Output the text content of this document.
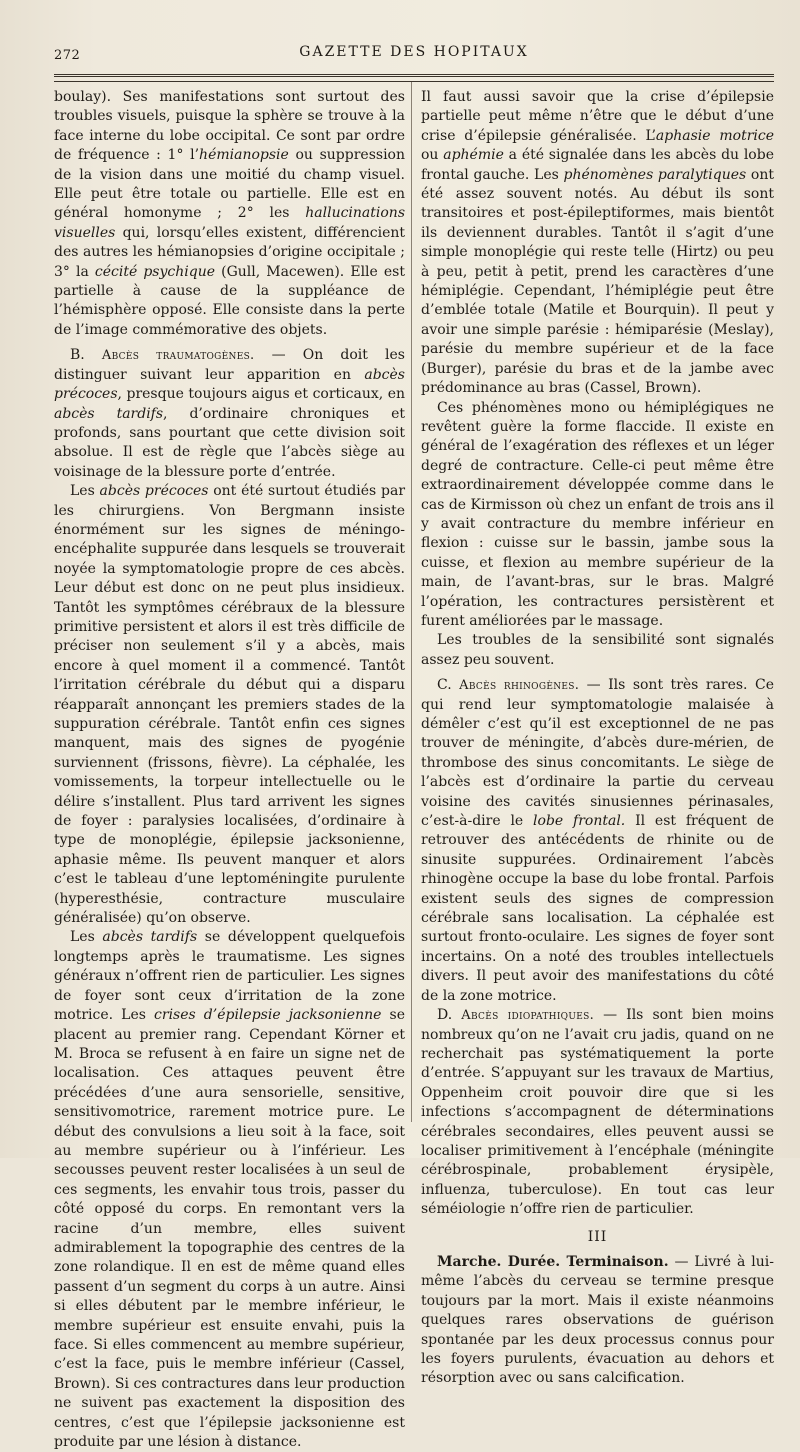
272	GAZETTE DES HOPITAUX

boulay). Ses manifestations sont surtout des troubles visuels, puisque la sphère se trouve à la face interne du lobe occipital. Ce sont par ordre de fréquence : 1° l’hémianopsie ou suppression de la vision dans une moitié du champ visuel. Elle peut être totale ou partielle. Elle est en général homonyme ; 2° les hallucinations visuelles qui, lorsqu’elles existent, différencient des autres les hémianopsies d’origine occipitale ; 3° la cécité psychique (Gull, Macewen). Elle est partielle à cause de la suppléance de l’hémisphère opposé. Elle consiste dans la perte de l’image commémorative des objets.

B. Abcès traumatogènes. — On doit les distinguer suivant leur apparition en abcès précoces, presque toujours aigus et corticaux, en abcès tardifs, d’ordinaire chroniques et profonds, sans pourtant que cette division soit absolue. Il est de règle que l’abcès siège au voisinage de la blessure porte d’entrée.

Les abcès précoces ont été surtout étudiés par les chirurgiens. Von Bergmann insiste énormément sur les signes de méningo-encéphalite suppurée dans lesquels se trouverait noyée la symptomatologie propre de ces abcès. Leur début est donc on ne peut plus insidieux. Tantôt les symptômes cérébraux de la blessure primitive persistent et alors il est très difficile de préciser non seulement s’il y a abcès, mais encore à quel moment il a commencé. Tantôt l’irritation cérébrale du début qui a disparu réapparaît annonçant les premiers stades de la suppuration cérébrale. Tantôt enfin ces signes manquent, mais des signes de pyogénie surviennent (frissons, fièvre). La céphalée, les vomissements, la torpeur intellectuelle ou le délire s’installent. Plus tard arrivent les signes de foyer : paralysies localisées, d’ordinaire à type de monoplégie, épilepsie jacksonienne, aphasie même. Ils peuvent manquer et alors c’est le tableau d’une leptoméningite purulente (hyperesthésie, contracture musculaire généralisée) qu’on observe.

Les abcès tardifs se développent quelquefois longtemps après le traumatisme. Les signes généraux n’offrent rien de particulier. Les signes de foyer sont ceux d’irritation de la zone motrice. Les crises d’épilepsie jacksonienne se placent au premier rang. Cependant Körner et M. Broca se refusent à en faire un signe net de localisation. Ces attaques peuvent être précédées d’une aura sensorielle, sensitive, sensitivomotrice, rarement motrice pure. Le début des convulsions a lieu soit à la face, soit au membre supérieur ou à l’inférieur. Les secousses peuvent rester localisées à un seul de ces segments, les envahir tous trois, passer du côté opposé du corps. En remontant vers la racine d’un membre, elles suivent admirablement la topographie des centres de la zone rolandique. Il en est de même quand elles passent d’un segment du corps à un autre. Ainsi si elles débutent par le membre inférieur, le membre supérieur est ensuite envahi, puis la face. Si elles commencent au membre supérieur, c’est la face, puis le membre inférieur (Cassel, Brown). Si ces contractures dans leur production ne suivent pas exactement la disposition des centres, c’est que l’épilepsie jacksonienne est produite par une lésion à distance.

Il faut aussi savoir que la crise d’épilepsie partielle peut même n’être que le début d’une crise d’épilepsie généralisée. L’aphasie motrice ou aphémie a été signalée dans les abcès du lobe frontal gauche. Les phénomènes paralytiques ont été assez souvent notés. Au début ils sont transitoires et post-épileptiformes, mais bientôt ils deviennent durables. Tantôt il s’agit d’une simple monoplégie qui reste telle (Hirtz) ou peu à peu, petit à petit, prend les caractères d’une hémiplégie. Cependant, l’hémiplégie peut être d’emblée totale (Matile et Bourquin). Il peut y avoir une simple parésie : hémiparésie (Meslay), parésie du membre supérieur et de la face (Burger), parésie du bras et de la jambe avec prédominance au bras (Cassel, Brown).

Ces phénomènes mono ou hémiplégiques ne revêtent guère la forme flaccide. Il existe en général de l’exagération des réflexes et un léger degré de contracture. Celle-ci peut même être extraordinairement développée comme dans le cas de Kirmisson où chez un enfant de trois ans il y avait contracture du membre inférieur en flexion : cuisse sur le bassin, jambe sous la cuisse, et flexion au membre supérieur de la main, de l’avant-bras, sur le bras. Malgré l’opération, les contractures persistèrent et furent améliorées par le massage.

Les troubles de la sensibilité sont signalés assez peu souvent.

C. Abcès rhinogènes. — Ils sont très rares. Ce qui rend leur symptomatologie malaisée à démêler c’est qu’il est exceptionnel de ne pas trouver de méningite, d’abcès dure-mérien, de thrombose des sinus concomitants. Le siège de l’abcès est d’ordinaire la partie du cerveau voisine des cavités sinusiennes périnasales, c’est-à-dire le lobe frontal. Il est fréquent de retrouver des antécédents de rhinite ou de sinusite suppurées. Ordinairement l’abcès rhinogène occupe la base du lobe frontal. Parfois existent seuls des signes de compression cérébrale sans localisation. La céphalée est surtout fronto-oculaire. Les signes de foyer sont incertains. On a noté des troubles intellectuels divers. Il peut avoir des manifestations du côté de la zone motrice.

D. Abcès idiopathiques. — Ils sont bien moins nombreux qu’on ne l’avait cru jadis, quand on ne recherchait pas systématiquement la porte d’entrée. S’appuyant sur les travaux de Martius, Oppenheim croit pouvoir dire que si les infections s’accompagnent de déterminations cérébrales secondaires, elles peuvent aussi se localiser primitivement à l’encéphale (méningite cérébrospinale, probablement érysipèle, influenza, tuberculose). En tout cas leur séméiologie n’offre rien de particulier.

III

Marche. Durée. Terminaison. — Livré à lui-même l’abcès du cerveau se termine presque toujours par la mort. Mais il existe néanmoins quelques rares observations de guérison spontanée par les deux processus connus pour les foyers purulents, évacuation au dehors et résorption avec ou sans calcification.
